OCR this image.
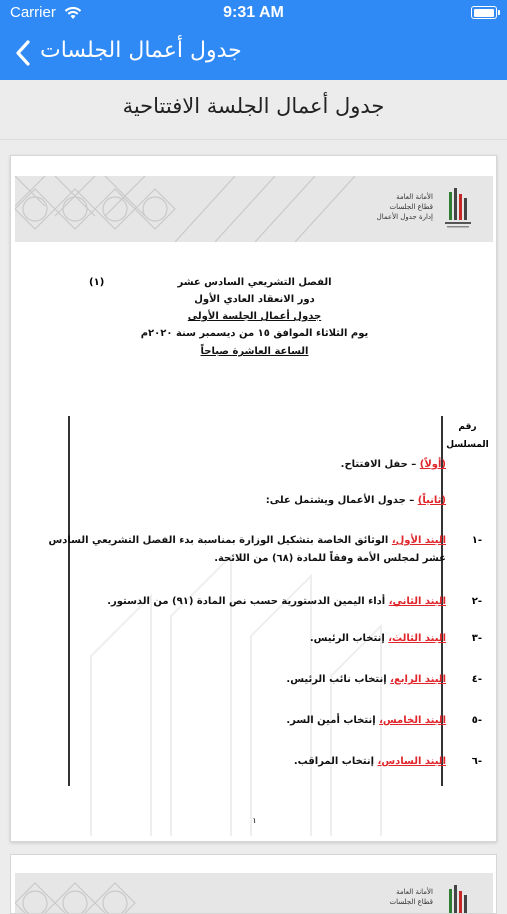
Carrier	9:31 AM
جدول أعمال الجلسات
جدول أعمال الجلسة الافتتاحية
الأمانة العامة
قطاع الجلسات
إدارة جدول الأعمال
(١)	الفصل التشريعي السادس عشر
دور الانعقاد العادي الأول
جدول أعمال الجلسة الأولى
يوم الثلاثاء الموافق ١٥ من ديسمبر سنة ٢٠٢٠م
الساعة العاشرة صباحاً
رقم المسلسل
(أولاً) – حفل الافتتاح.
(ثانياً) – جدول الأعمال ويشتمل على:
-١
البند الأول، الوثائق الخاصة بتشكيل الوزارة بمناسبة بدء الفصل التشريعي السادس
عشر لمجلس الأمة وفقاً للمادة (٦٨) من اللائحة.
-٢
البند الثاني، أداء اليمين الدستورية حسب نص المادة (٩١) من الدستور.
-٣
البند الثالث، إنتخاب الرئيس.
-٤
البند الرابع، إنتخاب نائب الرئيس.
-٥
البند الخامس، إنتخاب أمين السر.
-٦
البند السادس، إنتخاب المراقب.
١
الأمانة العامة
قطاع الجلسات
